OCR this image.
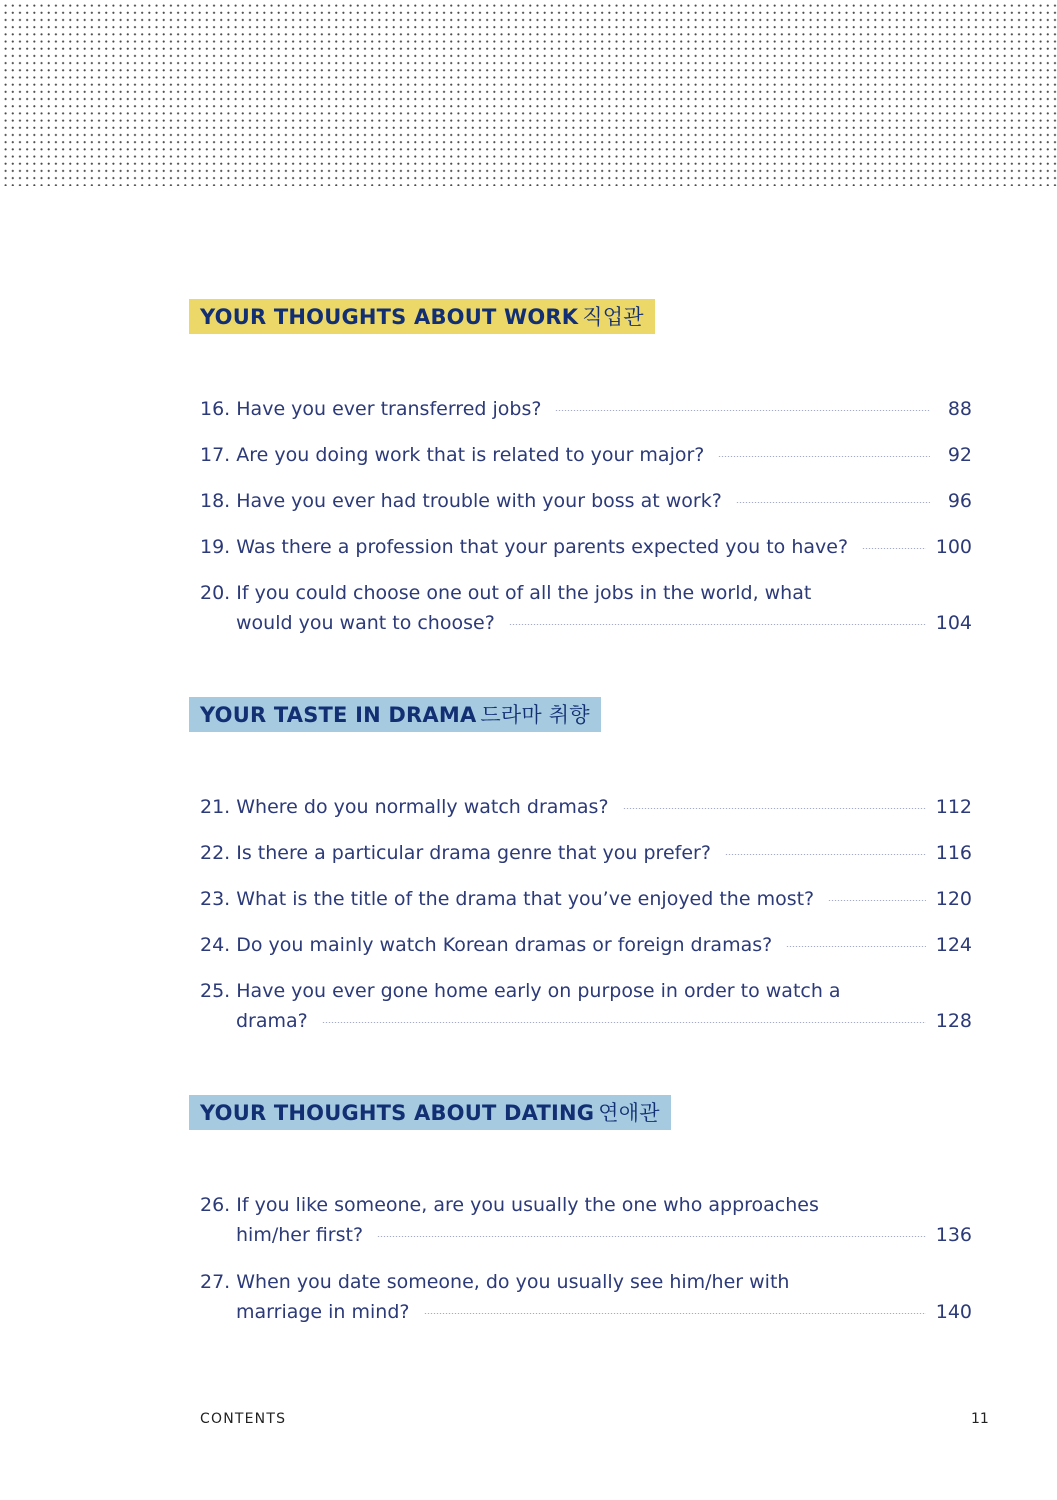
YOUR THOUGHTS ABOUT WORK 직업관
16.
Have you ever transferred jobs?	88
17.
Are you doing work that is related to your major?	92
18.
Have you ever had trouble with your boss at work?	96
19.
Was there a profession that your parents expected you to have?	100
20.
If you could choose one out of all the jobs in the world, what
would you want to choose?	104
YOUR TASTE IN DRAMA 드라마 취향
21.
Where do you normally watch dramas?	112
22.
Is there a particular drama genre that you prefer?	116
23.
What is the title of the drama that you’ve enjoyed the most?	120
24.
Do you mainly watch Korean dramas or foreign dramas?	124
25.
Have you ever gone home early on purpose in order to watch a
drama?	128
YOUR THOUGHTS ABOUT DATING 연애관
26.
If you like someone, are you usually the one who approaches
him/her first?	136
27.
When you date someone, do you usually see him/her with
marriage in mind?	140
CONTENTS	11
